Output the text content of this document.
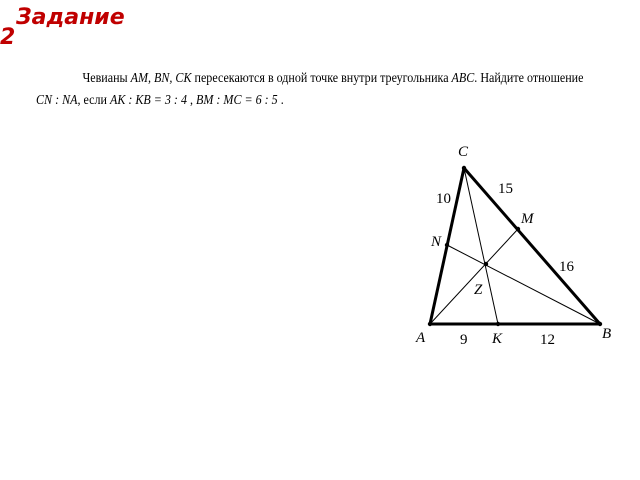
Задание
2
Чевианы AM, BN, CK пересекаются в одной точке внутри треугольника ABC. Найдите отношение
CN : NA, если AK : KB = 3 : 4 , BM : MC = 6 : 5 .
C
A	B
M
N
K
Z
10
15
16
9	12
